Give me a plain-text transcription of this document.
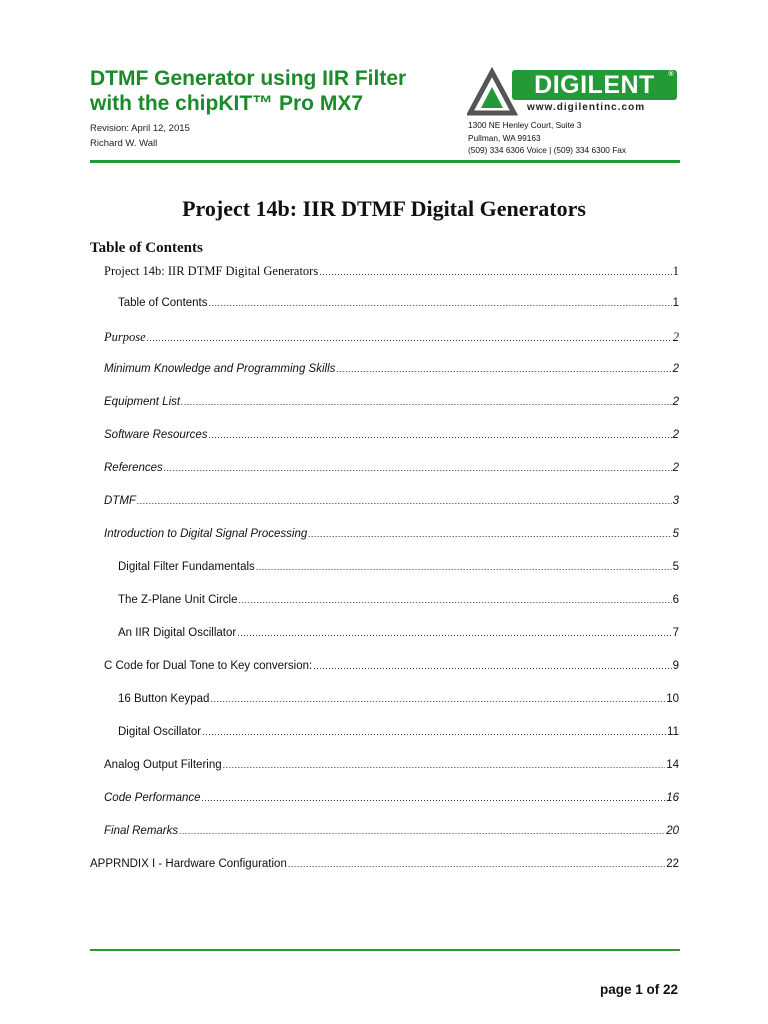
DTMF Generator using IIR Filter
with the chipKIT™ Pro MX7
Revision: April 12, 2015
Richard W. Wall
DIGILENT ®
www.digilentinc.com
1300 NE Henley Court, Suite 3
Pullman, WA 99163
(509) 334 6306 Voice | (509) 334 6300 Fax
Project 14b: IIR DTMF Digital Generators
Table of Contents
Project 14b: IIR DTMF Digital Generators .....	1
Table of Contents .....	1
Purpose .....	2
Minimum Knowledge and Programming Skills .....	2
Equipment List .....	2
Software Resources .....	2
References .....	2
DTMF .....	3
Introduction to Digital Signal Processing .....	5
Digital Filter Fundamentals .....	5
The Z-Plane Unit Circle .....	6
An IIR Digital Oscillator .....	7
C Code for Dual Tone to Key conversion: .....	9
16 Button Keypad .....	10
Digital Oscillator .....	11
Analog Output Filtering .....	14
Code Performance .....	16
Final Remarks .....	20
APPRNDIX I - Hardware Configuration .....	22
page 1 of 22
